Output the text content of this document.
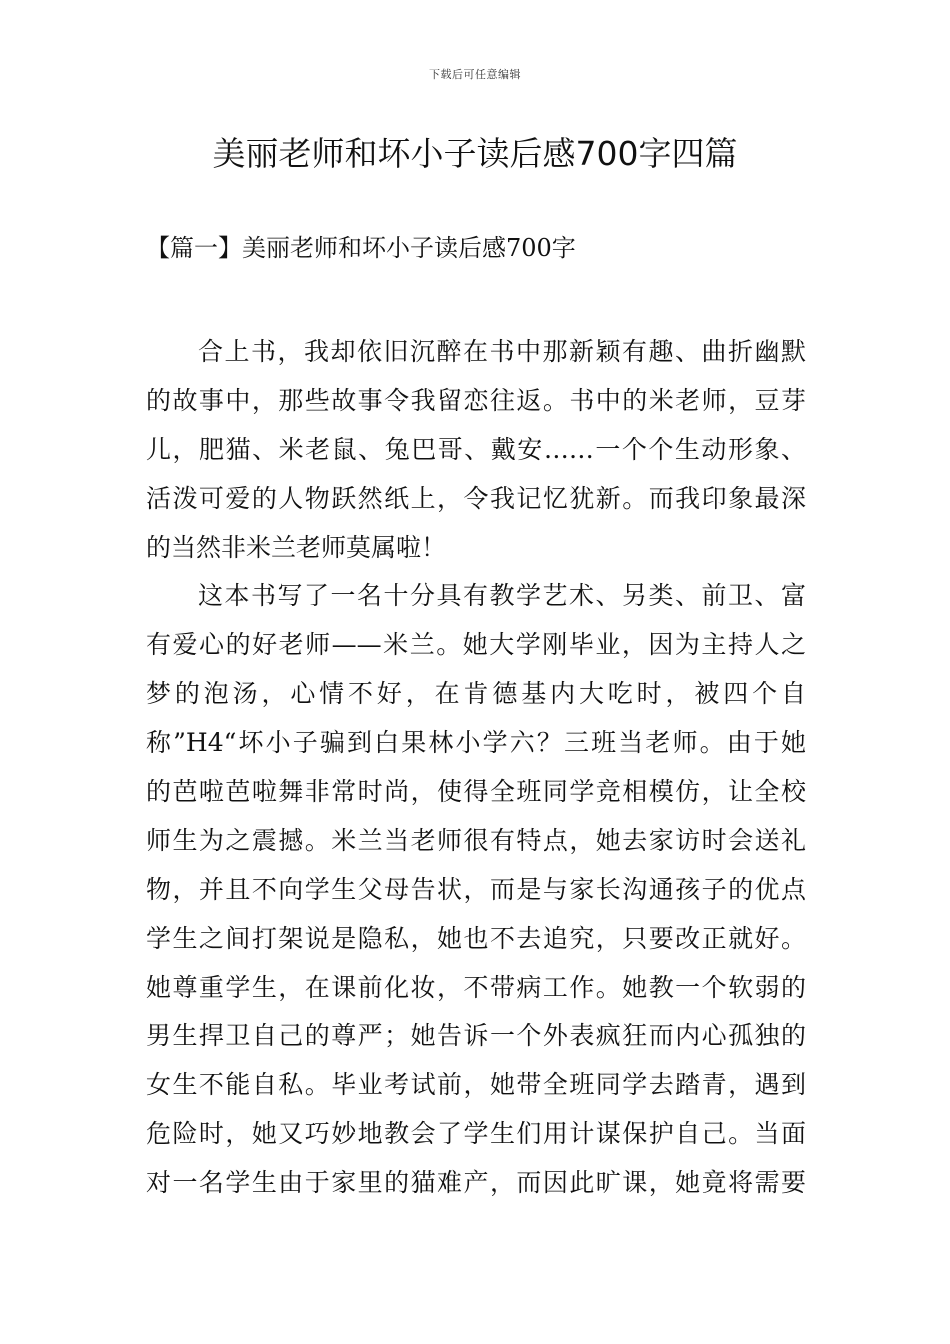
下载后可任意编辑
美丽老师和坏小子读后感700字四篇
【篇一】美丽老师和坏小子读后感700字
合上书，我却依旧沉醉在书中那新颖有趣、曲折幽默
的故事中，那些故事令我留恋往返。书中的米老师，豆芽
儿，肥猫、米老鼠、兔巴哥、戴安……一个个生动形象、
活泼可爱的人物跃然纸上，令我记忆犹新。而我印象最深
的当然非米兰老师莫属啦！
这本书写了一名十分具有教学艺术、另类、前卫、富
有爱心的好老师——米兰。她大学刚毕业，因为主持人之
梦的泡汤，心情不好，在肯德基内大吃时，被四个自
称”H4“坏小子骗到白果林小学六？三班当老师。由于她
的芭啦芭啦舞非常时尚，使得全班同学竞相模仿，让全校
师生为之震撼。米兰当老师很有特点，她去家访时会送礼
物，并且不向学生父母告状，而是与家长沟通孩子的优点
学生之间打架说是隐私，她也不去追究，只要改正就好。
她尊重学生，在课前化妆，不带病工作。她教一个软弱的
男生捍卫自己的尊严；她告诉一个外表疯狂而内心孤独的
女生不能自私。毕业考试前，她带全班同学去踏青，遇到
危险时，她又巧妙地教会了学生们用计谋保护自己。当面
对一名学生由于家里的猫难产，而因此旷课，她竟将需要
